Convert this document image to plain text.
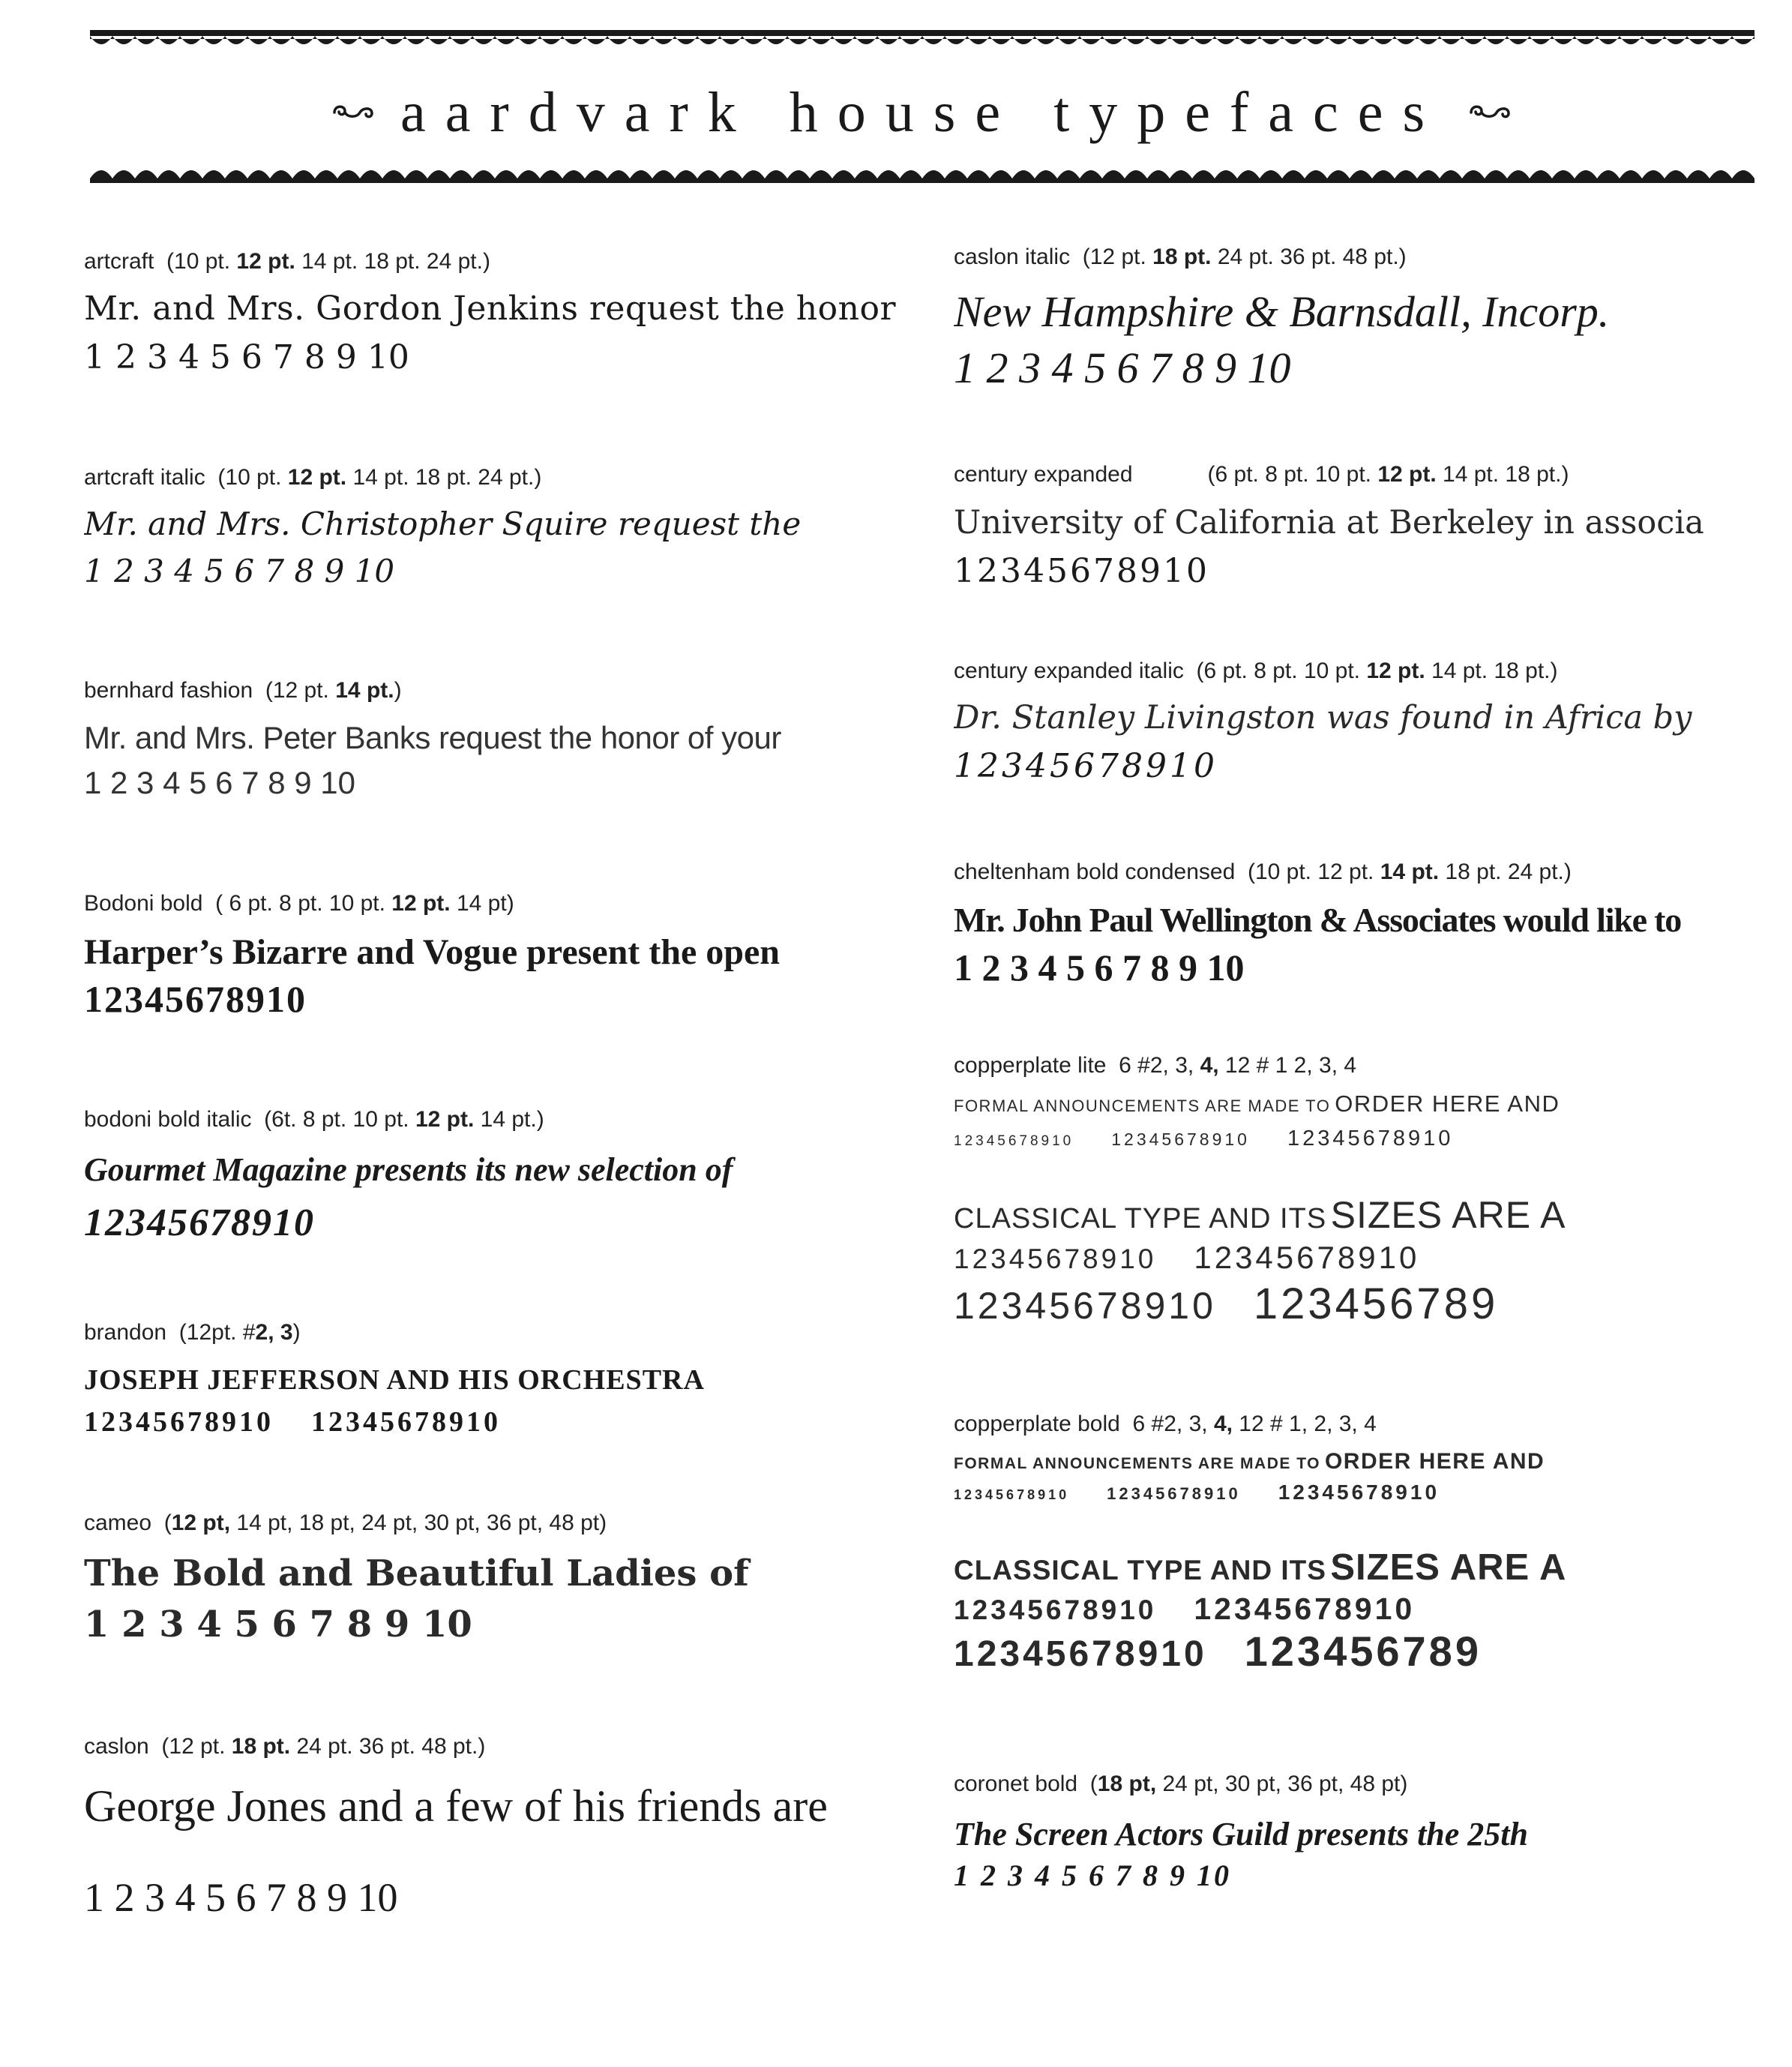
aardvark house typefaces
artcraft (10 pt. 12 pt. 14 pt. 18 pt. 24 pt.)
Mr. and Mrs. Gordon Jenkins request the honor
1 2 3 4 5 6 7 8 9 10
artcraft italic (10 pt. 12 pt. 14 pt. 18 pt. 24 pt.)
Mr. and Mrs. Christopher Squire request the
1 2 3 4 5 6 7 8 9 10
bernhard fashion (12 pt. 14 pt.)
Mr. and Mrs. Peter Banks request the honor of your
1 2 3 4 5 6 7 8 9 10
Bodoni bold ( 6 pt. 8 pt. 10 pt. 12 pt. 14 pt)
Harper’s Bizarre and Vogue present the open
12345678910
bodoni bold italic (6t. 8 pt. 10 pt. 12 pt. 14 pt.)
Gourmet Magazine presents its new selection of
12345678910
brandon (12pt. #2, 3)
JOSEPH JEFFERSON AND HIS ORCHESTRA
12345678910 12345678910
cameo (12 pt, 14 pt, 18 pt, 24 pt, 30 pt, 36 pt, 48 pt)
The Bold and Beautiful Ladies of
1 2 3 4 5 6 7 8 9 10
caslon (12 pt. 18 pt. 24 pt. 36 pt. 48 pt.)
George Jones and a few of his friends are
1 2 3 4 5 6 7 8 9 10
caslon italic (12 pt. 18 pt. 24 pt. 36 pt. 48 pt.)
New Hampshire & Barnsdall, Incorp.
1 2 3 4 5 6 7 8 9 10
century expanded	(6 pt. 8 pt. 10 pt. 12 pt. 14 pt. 18 pt.)
University of California at Berkeley in associa
12345678910
century expanded italic (6 pt. 8 pt. 10 pt. 12 pt. 14 pt. 18 pt.)
Dr. Stanley Livingston was found in Africa by
12345678910
cheltenham bold condensed (10 pt. 12 pt. 14 pt. 18 pt. 24 pt.)
Mr. John Paul Wellington & Associates would like to
1 2 3 4 5 6 7 8 9 10
copperplate lite 6 #2, 3, 4, 12 # 1 2, 3, 4
FORMAL ANNOUNCEMENTS ARE MADE TO ORDER HERE AND
12345678910 12345678910 12345678910
CLASSICAL TYPE AND ITS SIZES ARE A
12345678910 12345678910
12345678910 123456789
copperplate bold 6 #2, 3, 4, 12 # 1, 2, 3, 4
FORMAL ANNOUNCEMENTS ARE MADE TO ORDER HERE AND
12345678910 12345678910 12345678910
CLASSICAL TYPE AND ITS SIZES ARE A
12345678910 12345678910
12345678910 123456789
coronet bold (18 pt, 24 pt, 30 pt, 36 pt, 48 pt)
The Screen Actors Guild presents the 25th
1 2 3 4 5 6 7 8 9 10
